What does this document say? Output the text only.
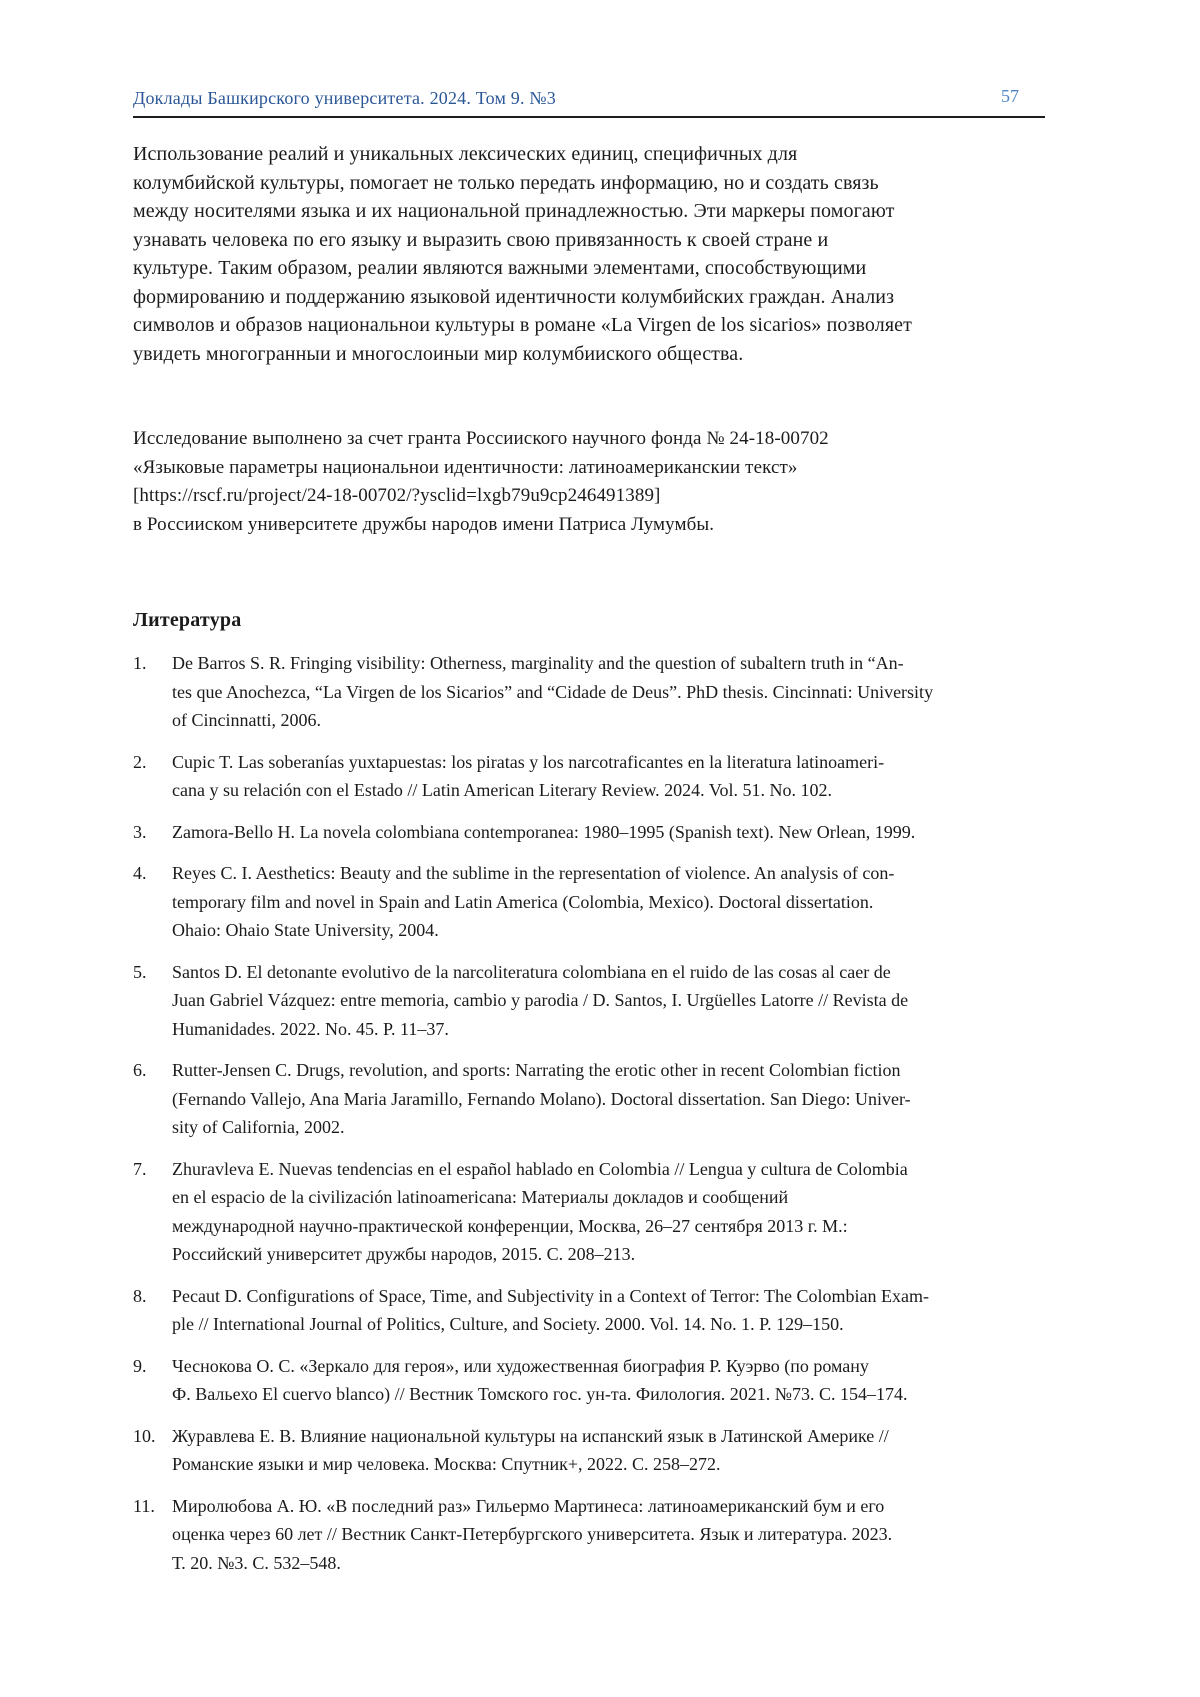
Доклады Башкирского университета. 2024. Том 9. №3	57
Использование реалий и уникальных лексических единиц, специфичных для
колумбийской культуры, помогает не только передать информацию, но и создать связь
между носителями языка и их национальной принадлежностью. Эти маркеры помогают
узнавать человека по его языку и выразить свою привязанность к своей стране и
культуре. Таким образом, реалии являются важными элементами, способствующими
формированию и поддержанию языковой идентичности колумбийских граждан. Анализ
символов и образов национальнои культуры в романе «La Virgen de los sicarios» позволяет
увидеть многогранныи и многослоиныи мир колумбииского общества.
Исследование выполнено за счет гранта Россииского научного фонда № 24-18-00702
«Языковые параметры национальнои идентичности: латиноамериканскии текст»
[https://rscf.ru/project/24-18-00702/?ysclid=lxgb79u9cp246491389]
в Россииском университете дружбы народов имени Патриса Лумумбы.
Литература
1.	De Barros S. R. Fringing visibility: Otherness, marginality and the question of subaltern truth in “An-
tes que Anochezca, “La Virgen de los Sicarios” and “Cidade de Deus”. PhD thesis. Cincinnati: University
of Cincinnatti, 2006.
2.	Cupic T. Las soberanías yuxtapuestas: los piratas y los narcotraficantes en la literatura latinoameri-
cana y su relación con el Estado // Latin American Literary Review. 2024. Vol. 51. No. 102.
3.	Zamora-Bello H. La novela colombiana contemporanea: 1980–1995 (Spanish text). New Orlean, 1999.
4.	Reyes C. I. Aesthetics: Beauty and the sublime in the representation of violence. An analysis of con-
temporary film and novel in Spain and Latin America (Colombia, Mexico). Doctoral dissertation.
Ohaio: Ohaio State University, 2004.
5.	Santos D. El detonante evolutivo de la narcoliteratura colombiana en el ruido de las cosas al caer de
Juan Gabriel Vázquez: entre memoria, cambio y parodia / D. Santos, I. Urgüelles Latorre // Revista de
Humanidades. 2022. No. 45. P. 11–37.
6.	Rutter-Jensen C. Drugs, revolution, and sports: Narrating the erotic other in recent Colombian fiction
(Fernando Vallejo, Ana Maria Jaramillo, Fernando Molano). Doctoral dissertation. San Diego: Univer-
sity of California, 2002.
7.	Zhuravleva E. Nuevas tendencias en el español hablado en Colombia // Lengua y cultura de Colombia
en el espacio de la civilización latinoamericana: Материалы докладов и сообщений
международной научно-практической конференции, Москва, 26–27 сентября 2013 г. М.:
Российский университет дружбы народов, 2015. С. 208–213.
8.	Pecaut D. Configurations of Space, Time, and Subjectivity in a Context of Terror: The Colombian Exam-
ple // International Journal of Politics, Culture, and Society. 2000. Vol. 14. No. 1. P. 129–150.
9.	Чеснокова О. С. «Зеркало для героя», или художественная биография Р. Куэрво (по роману
Ф. Вальехо El cuervo blanco) // Вестник Томского гос. ун-та. Филология. 2021. №73. С. 154–174.
10. Журавлева Е. В. Влияние национальной культуры на испанский язык в Латинской Америке //
Романские языки и мир человека. Москва: Спутник+, 2022. С. 258–272.
11. Миролюбова А. Ю. «В последний раз» Гильермо Мартинеса: латиноамериканский бум и его
оценка через 60 лет // Вестник Санкт-Петербургского университета. Язык и литература. 2023.
Т. 20. №3. С. 532–548.
